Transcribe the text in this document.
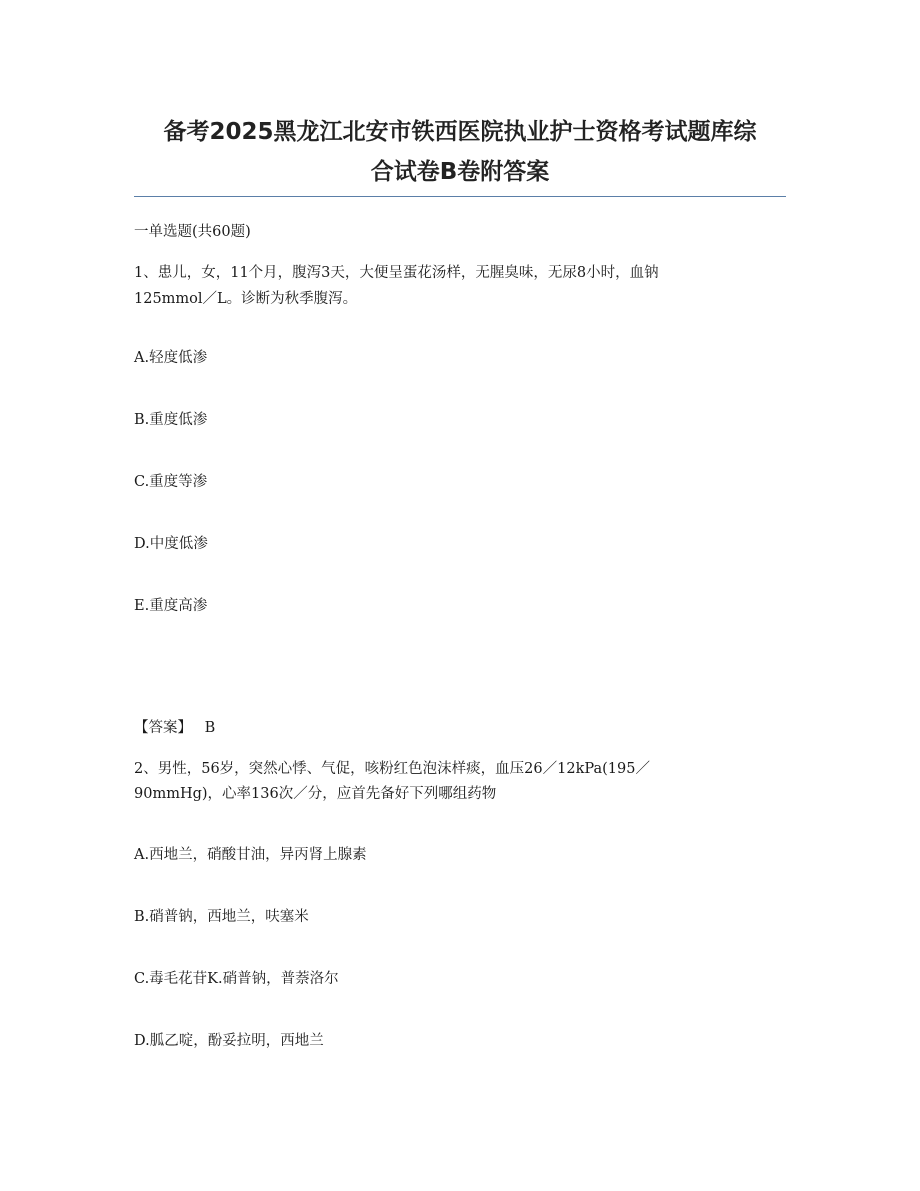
备考2025黑龙江北安市铁西医院执业护士资格考试题库综
合试卷B卷附答案
一单选题(共60题)
1、患儿，女，11个月，腹泻3天，大便呈蛋花汤样，无腥臭味，无尿8小时，血钠
125mmol／L。诊断为秋季腹泻。
A.轻度低渗
B.重度低渗
C.重度等渗
D.中度低渗
E.重度高渗
【答案】 B
2、男性，56岁，突然心悸、气促，咳粉红色泡沫样痰，血压26／12kPa(195／
90mmHg)，心率136次／分，应首先备好下列哪组药物
A.西地兰，硝酸甘油，异丙肾上腺素
B.硝普钠，西地兰，呋塞米
C.毒毛花苷K.硝普钠，普萘洛尔
D.胍乙啶，酚妥拉明，西地兰
